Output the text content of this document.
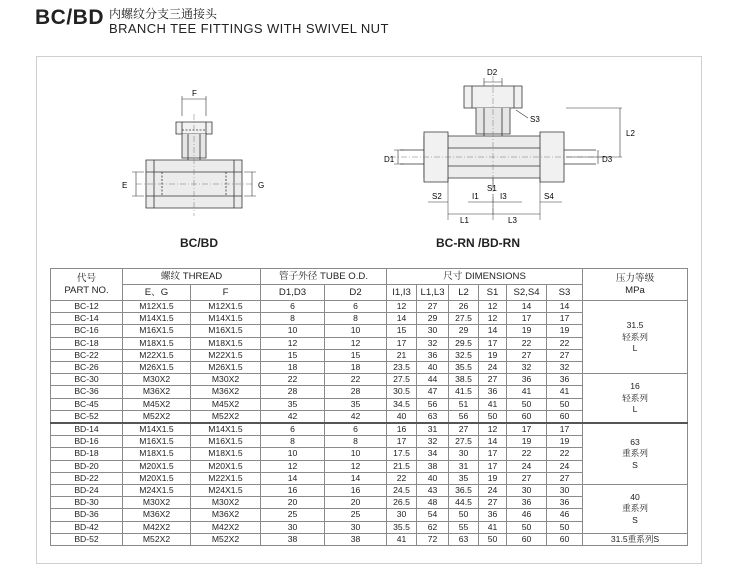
BC/BD 内螺纹分支三通接头
BRANCH TEE FITTINGS WITH SWIVEL NUT
F
E	G
D2
S3
L2
D1	D3
S1
S2	I1	I3	S4
L1	L3
BC/BD	BC-RN /BD-RN
代号
PART NO.	螺纹 THREAD		管子外径 TUBE O.D.		尺寸 DIMENSIONS						压力等级
MPa
	E、G	F	D1,D3	D2	I1,I3	L1,L3	L2	S1	S2,S4	S3	
BC-12	M12X1.5	M12X1.5	6	6	12	27	26	12	14	14	31.5
轻系列
L
BC-14	M14X1.5	M14X1.5	8	8	14	29	27.5	12	17	17	
BC-16	M16X1.5	M16X1.5	10	10	15	30	29	14	19	19	
BC-18	M18X1.5	M18X1.5	12	12	17	32	29.5	17	22	22	
BC-22	M22X1.5	M22X1.5	15	15	21	36	32.5	19	27	27	
BC-26	M26X1.5	M26X1.5	18	18	23.5	40	35.5	24	32	32	
BC-30	M30X2	M30X2	22	22	27.5	44	38.5	27	36	36	16
轻系列
L
BC-36	M36X2	M36X2	28	28	30.5	47	41.5	36	41	41	
BC-45	M45X2	M45X2	35	35	34.5	56	51	41	50	50	
BC-52	M52X2	M52X2	42	42	40	63	56	50	60	60	
BD-14	M14X1.5	M14X1.5	6	6	16	31	27	12	17	17	63
重系列
S
BD-16	M16X1.5	M16X1.5	8	8	17	32	27.5	14	19	19	
BD-18	M18X1.5	M18X1.5	10	10	17.5	34	30	17	22	22	
BD-20	M20X1.5	M20X1.5	12	12	21.5	38	31	17	24	24	
BD-22	M20X1.5	M22X1.5	14	14	22	40	35	19	27	27	
BD-24	M24X1.5	M24X1.5	16	16	24.5	43	36.5	24	30	30	40
重系列
S
BD-30	M30X2	M30X2	20	20	26.5	48	44.5	27	36	36	
BD-36	M36X2	M36X2	25	25	30	54	50	36	46	46	
BD-42	M42X2	M42X2	30	30	35.5	62	55	41	50	50	
BD-52	M52X2	M52X2	38	38	41	72	63	50	60	60	31.5重系列S
